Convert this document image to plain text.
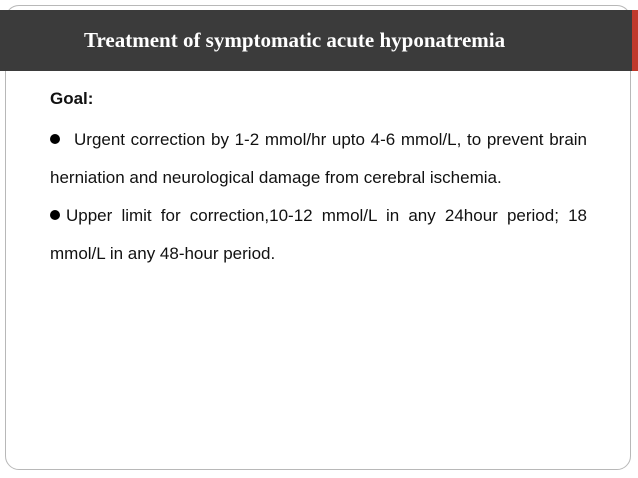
Treatment of symptomatic acute hyponatremia
Goal:

Urgent correction by 1-2 mmol/hr upto 4-6 mmol/L, to prevent brain herniation and neurological damage from cerebral ischemia.

Upper limit for correction,10-12 mmol/L in any 24hour period; 18 mmol/L in any 48-hour period.
